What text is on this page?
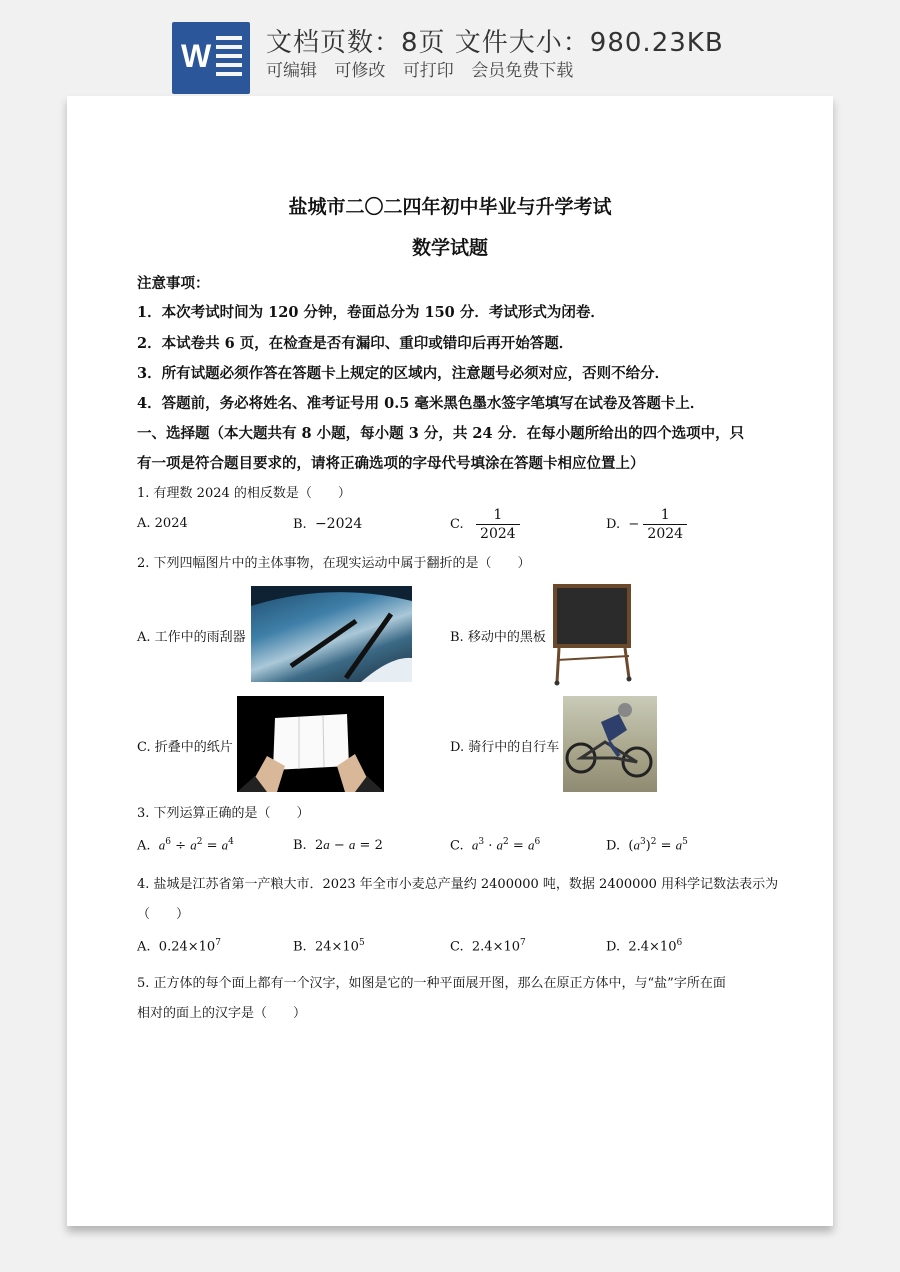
W 文档页数：8页 文件大小：980.23KB
可编辑 可修改 可打印 会员免费下载
盐城市二〇二四年初中毕业与升学考试
数学试题
注意事项：
1．本次考试时间为 120 分钟，卷面总分为 150 分．考试形式为闭卷．
2．本试卷共 6 页，在检查是否有漏印、重印或错印后再开始答题．
3．所有试题必须作答在答题卡上规定的区域内，注意题号必须对应，否则不给分．
4．答题前，务必将姓名、准考证号用 0.5 毫米黑色墨水签字笔填写在试卷及答题卡上．
一、选择题（本大题共有 8 小题，每小题 3 分，共 24 分．在每小题所给出的四个选项中，只
有一项是符合题目要求的，请将正确选项的字母代号填涂在答题卡相应位置上）
1. 有理数 2024 的相反数是（　　）
A. 2024	B. −2024	C. $\frac{1}{2024}$	D. − $\frac{1}{2024}$
2. 下列四幅图片中的主体事物，在现实运动中属于翻折的是（　　）
A. 工作中的雨刮器	B. 移动中的黑板
C. 折叠中的纸片	D. 骑行中的自行车
3. 下列运算正确的是（　　）
A. $a^6 \div a^2 = a^4$	B.  2a − a = 2	C. $a^3 \cdot a^2 = a^6$	D.  $(a^3)^2 = a^5$
4. 盐城是江苏省第一产粮大市．2023 年全市小麦总产量约 2400000 吨，数据 2400000 用科学记数法表示为
（　　）
A.  $0.24\times 10^7$	B.  $24\times 10^5$	C.  $2.4\times 10^7$	D.  $2.4\times 10^6$
5. 正方体的每个面上都有一个汉字，如图是它的一种平面展开图，那么在原正方体中，与“盐”字所在面
相对的面上的汉字是（　　）
